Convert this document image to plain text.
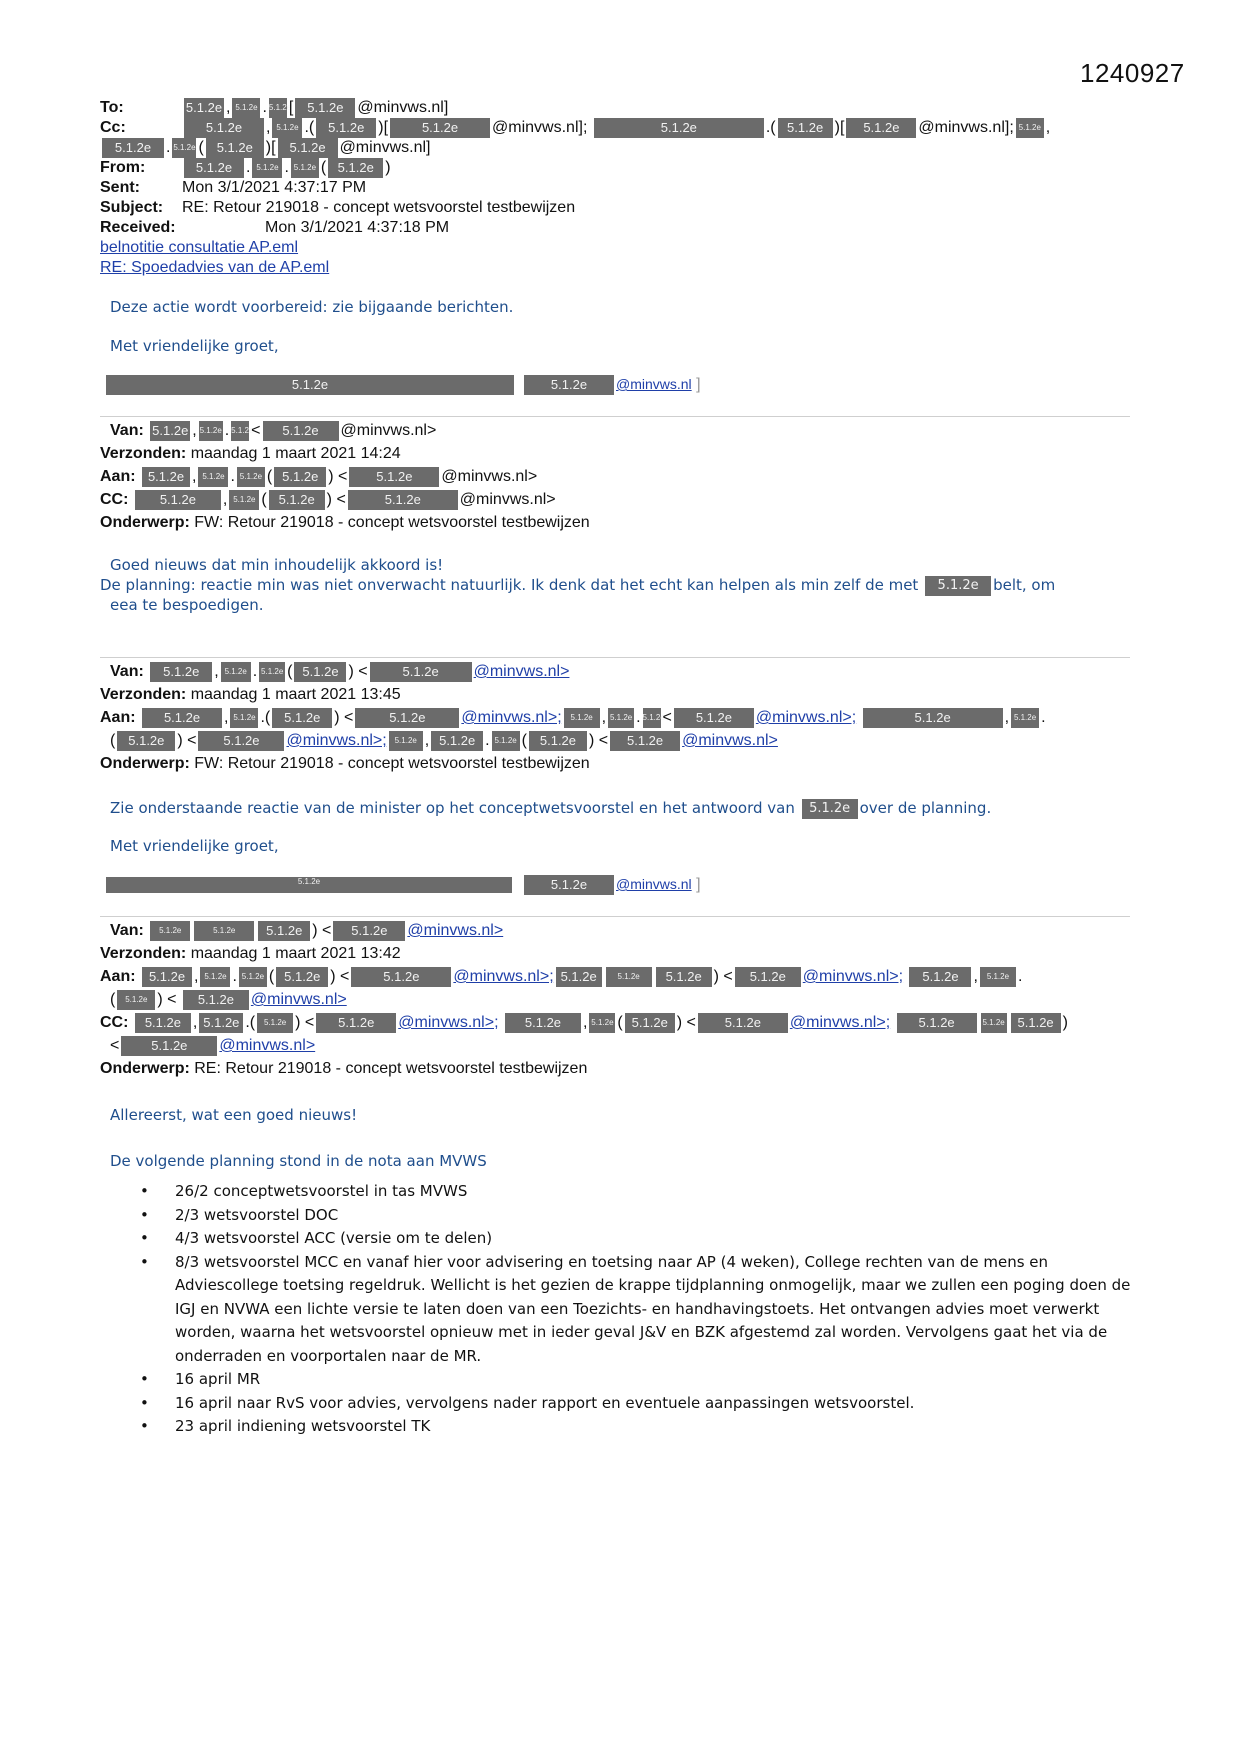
1240927
To:	5.1.2e , 5.1.2e . 5.1.2e[ 5.1.2e @minvws.nl]
Cc:	5.1.2e , 5.1.2e .( 5.1.2e )[	5.1.2e @minvws.nl];	5.1.2e	.( 5.1.2e )[ 5.1.2e @minvws.nl]; 5.1.2e ,
5.1.2e . 5.1.2e ( 5.1.2e )[ 5.1.2e @minvws.nl]
From:	5.1.2e . 5.1.2e . 5.1.2e ( 5.1.2e )
Sent:	Mon 3/1/2021 4:37:17 PM
Subject: RE: Retour 219018 - concept wetsvoorstel testbewijzen
Received:	Mon 3/1/2021 4:37:18 PM
belnotitie consultatie AP.eml
RE: Spoedadvies van de AP.eml
Deze actie wordt voorbereid: zie bijgaande berichten.
Met vriendelijke groet,
5.1.2e	5.1.2e @minvws.nl ]
Van: 5.1.2e , 5.1.2e . 5.1.2e< 5.1.2e @minvws.nl>
Verzonden: maandag 1 maart 2021 14:24
Aan: 5.1.2e , 5.1.2e . 5.1.2e ( 5.1.2e ) < 5.1.2e @minvws.nl>
CC: 5.1.2e , 5.1.2e ( 5.1.2e ) <	5.1.2e @minvws.nl>
Onderwerp: FW: Retour 219018 - concept wetsvoorstel testbewijzen
Goed nieuws dat min inhoudelijk akkoord is!
De planning: reactie min was niet onverwacht natuurlijk. Ik denk dat het echt kan helpen als min zelf de met 5.1.2e belt, om
eea te bespoedigen.
Van: 5.1.2e , 5.1.2e . 5.1.2e ( 5.1.2e ) <	5.1.2e @minvws.nl>
Verzonden: maandag 1 maart 2021 13:45
Aan: 5.1.2e , 5.1.2e .( 5.1.2e ) <	5.1.2e @minvws.nl>; 5.1.2e , 5.1.2e . 5.1.2e< 5.1.2e @minvws.nl>;	5.1.2e	, 5.1.2e .
( 5.1.2e ) < 5.1.2e @minvws.nl>; 5.1.2e , 5.1.2e . 5.1.2e ( 5.1.2e ) < 5.1.2e @minvws.nl>
Onderwerp: FW: Retour 219018 - concept wetsvoorstel testbewijzen
Zie onderstaande reactie van de minister op het conceptwetsvoorstel en het antwoord van 5.1.2e over de planning.
Met vriendelijke groet,
5.1.2e	5.1.2e @minvws.nl ]
Van: 5.1.2e	5.1.2e 5.1.2e ) < 5.1.2e @minvws.nl>
Verzonden: maandag 1 maart 2021 13:42
Aan: 5.1.2e , 5.1.2e . 5.1.2e ( 5.1.2e ) <	5.1.2e @minvws.nl>; 5.1.2e	5.1.2e 5.1.2e ) < 5.1.2e @minvws.nl>; 5.1.2e , 5.1.2e .
( 5.1.2e ) < 5.1.2e @minvws.nl>
CC: 5.1.2e , 5.1.2e .( 5.1.2e ) < 5.1.2e @minvws.nl>; 5.1.2e , 5.1.2e ( 5.1.2e ) < 5.1.2e @minvws.nl>; 5.1.2e	5.1.2e 5.1.2e )
< 5.1.2e @minvws.nl>
Onderwerp: RE: Retour 219018 - concept wetsvoorstel testbewijzen
Allereerst, wat een goed nieuws!
De volgende planning stond in de nota aan MVWS
• 26/2 conceptwetsvoorstel in tas MVWS
• 2/3 wetsvoorstel DOC
• 4/3 wetsvoorstel ACC (versie om te delen)
• 8/3 wetsvoorstel MCC en vanaf hier voor advisering en toetsing naar AP (4 weken), College rechten van de mens en Adviescollege toetsing regeldruk. Wellicht is het gezien de krappe tijdplanning onmogelijk, maar we zullen een poging doen de IGJ en NVWA een lichte versie te laten doen van een Toezichts- en handhavingstoets. Het ontvangen advies moet verwerkt worden, waarna het wetsvoorstel opnieuw met in ieder geval J&V en BZK afgestemd zal worden. Vervolgens gaat het via de onderraden en voorportalen naar de MR.
• 16 april MR
• 16 april naar RvS voor advies, vervolgens nader rapport en eventuele aanpassingen wetsvoorstel.
• 23 april indiening wetsvoorstel TK
